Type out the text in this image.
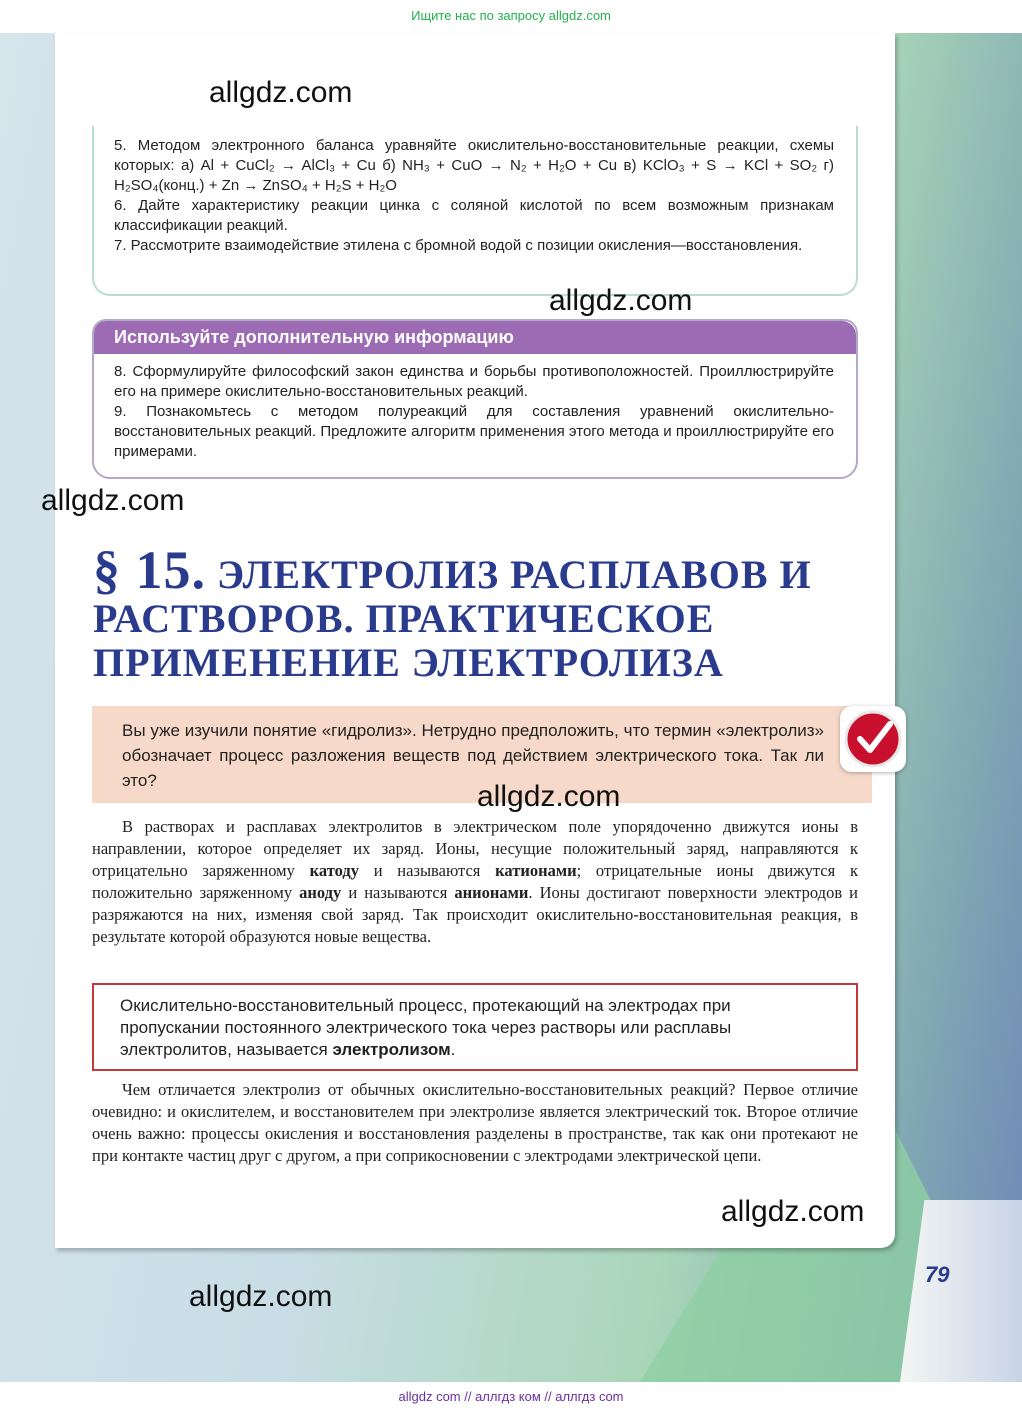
Ищите нас по запросу allgdz.com
79

5. Методом электронного баланса уравняйте окислительно-восстановительные реакции, схемы которых: а) Al + CuCl₂ → AlCl₃ + Cu б) NH₃ + CuO → N₂ + H₂O + Cu в) KClO₃ + S → KCl + SO₂ г) H₂SO₄(конц.) + Zn → ZnSO₄ + H₂S + H₂O

6. Дайте характеристику реакции цинка с соляной кислотой по всем возможным признакам классификации реакций.

7. Рассмотрите взаимодействие этилена с бромной водой с позиции окисления—восстановления.

Используйте дополнительную информацию

8. Сформулируйте философский закон единства и борьбы противоположностей. Проиллюстрируйте его на примере окислительно-восстановительных реакций.

9. Познакомьтесь с методом полуреакций для составления уравнений окислительно-восстановительных реакций. Предложите алгоритм применения этого метода и проиллюстрируйте его примерами.

§ 15. ЭЛЕКТРОЛИЗ РАСПЛАВОВ И РАСТВОРОВ. ПРАКТИЧЕСКОЕ ПРИМЕНЕНИЕ ЭЛЕКТРОЛИЗА
Вы уже изучили понятие «гидролиз». Нетрудно предположить, что термин «электролиз» обозначает процесс разложения веществ под действием электрического тока. Так ли это?
В растворах и расплавах электролитов в электрическом поле упорядоченно движутся ионы в направлении, которое определяет их заряд. Ионы, несущие положительный заряд, направляются к отрицательно заряженному катоду и называются катионами; отрицательные ионы движутся к положительно заряженному аноду и называются анионами. Ионы достигают поверхности электродов и разряжаются на них, изменяя свой заряд. Так происходит окислительно-восстановительная реакция, в результате которой образуются новые вещества.
Окислительно-восстановительный процесс, протекающий на электродах при пропускании постоянного электрического тока через растворы или расплавы электролитов, называется электролизом.
Чем отличается электролиз от обычных окислительно-восстановительных реакций? Первое отличие очевидно: и окислителем, и восстановителем при электролизе является электрический ток. Второе отличие очень важно: процессы окисления и восстановления разделены в пространстве, так как они протекают не при контакте частиц друг с другом, а при соприкосновении с электродами электрической цепи.
allgdz.com
allgdz.com
allgdz.com
allgdz.com
allgdz.com
allgdz.com
allgdz com // аллгдз ком // аллгдз com
